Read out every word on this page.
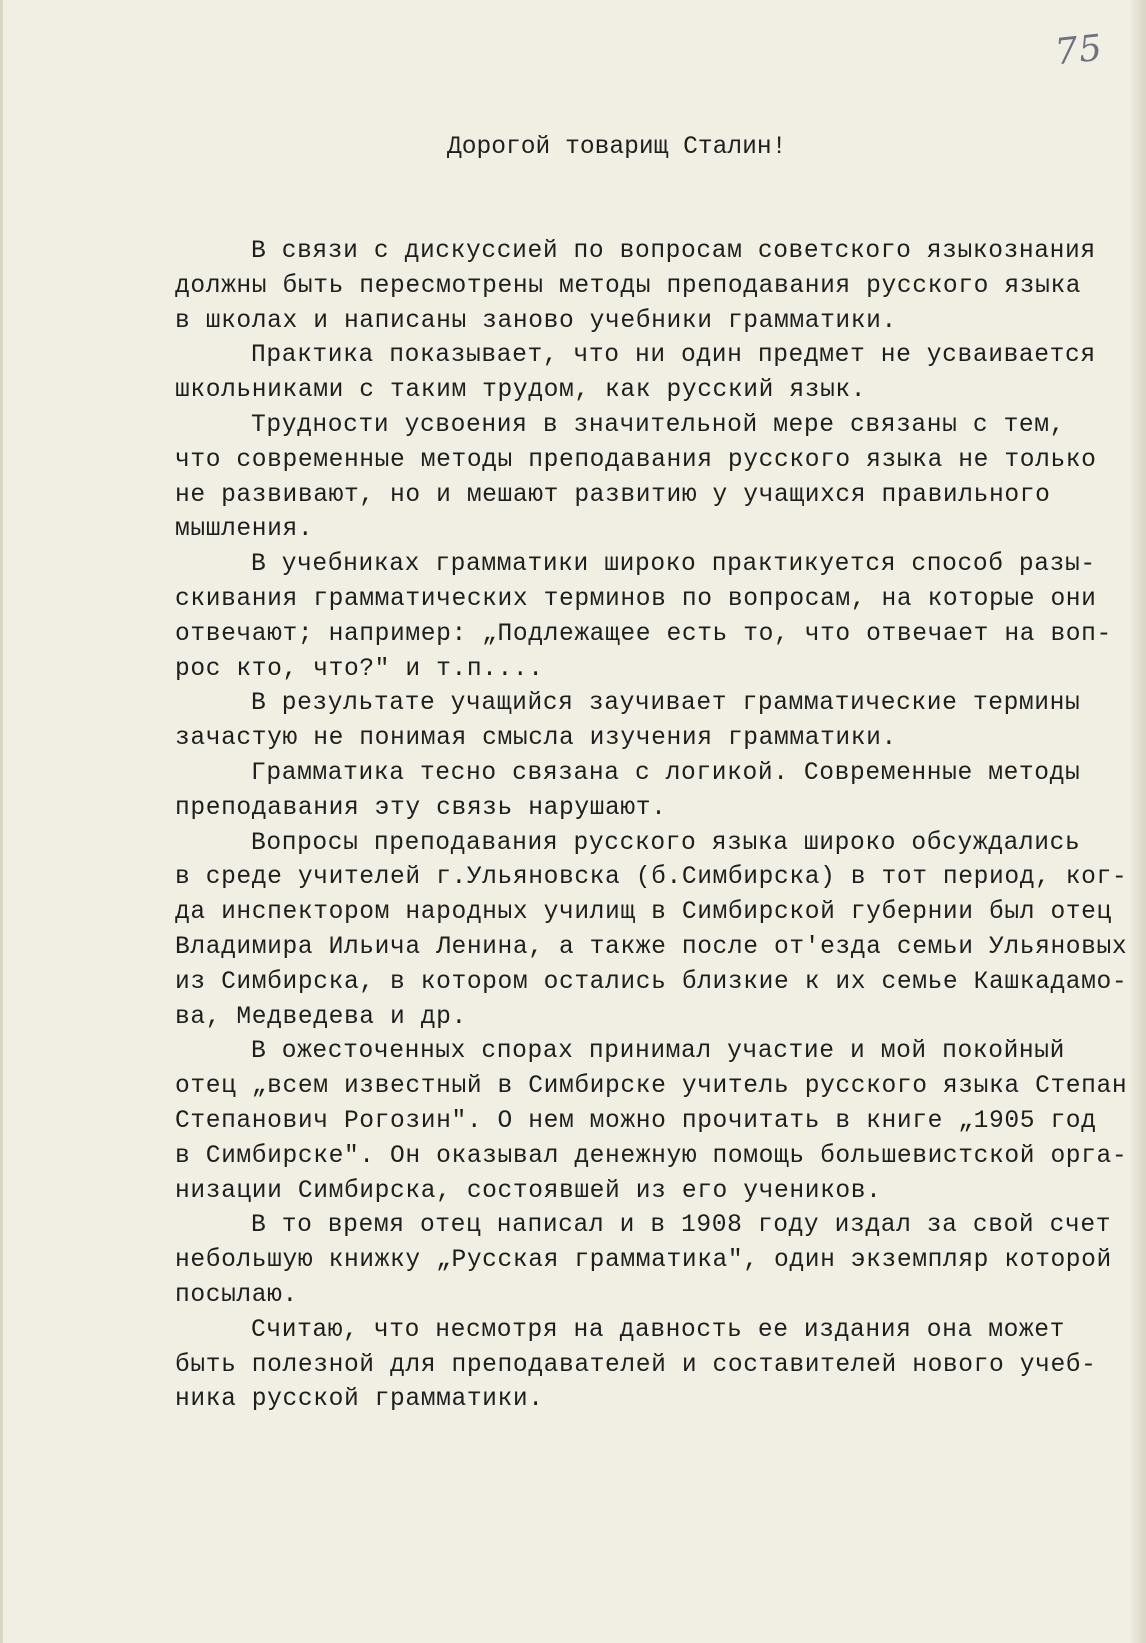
75
Дорогой товарищ Сталин!
В связи с дискуссией по вопросам советского языкознания
должны быть пересмотрены методы преподавания русского языка
в школах и написаны заново учебники грамматики.
Практика показывает, что ни один предмет не усваивается
школьниками с таким трудом, как русский язык.
Трудности усвоения в значительной мере связаны с тем,
что современные методы преподавания русского языка не только
не развивают, но и мешают развитию у учащихся правильного
мышления.
В учебниках грамматики широко практикуется способ разы-
скивания грамматических терминов по вопросам, на которые они
отвечают; например: „Подлежащее есть то, что отвечает на воп-
рос кто, что?" и т.п....
В результате учащийся заучивает грамматические термины
зачастую не понимая смысла изучения грамматики.
Грамматика тесно связана с логикой. Современные методы
преподавания эту связь нарушают.
Вопросы преподавания русского языка широко обсуждались
в среде учителей г.Ульяновска (б.Симбирска) в тот период, ког-
да инспектором народных училищ в Симбирской губернии был отец
Владимира Ильича Ленина, а также после от'езда семьи Ульяновых
из Симбирска, в котором остались близкие к их семье Кашкадамо-
ва, Медведева и др.
В ожесточенных спорах принимал участие и мой покойный
отец „всем известный в Симбирске учитель русского языка Степан
Степанович Рогозин". О нем можно прочитать в книге „1905 год
в Симбирске". Он оказывал денежную помощь большевистской орга-
низации Симбирска, состоявшей из его учеников.
В то время отец написал и в 1908 году издал за свой счет
небольшую книжку „Русская грамматика", один экземпляр которой
посылаю.
Считаю, что несмотря на давность ее издания она может
быть полезной для преподавателей и составителей нового учеб-
ника русской грамматики.
